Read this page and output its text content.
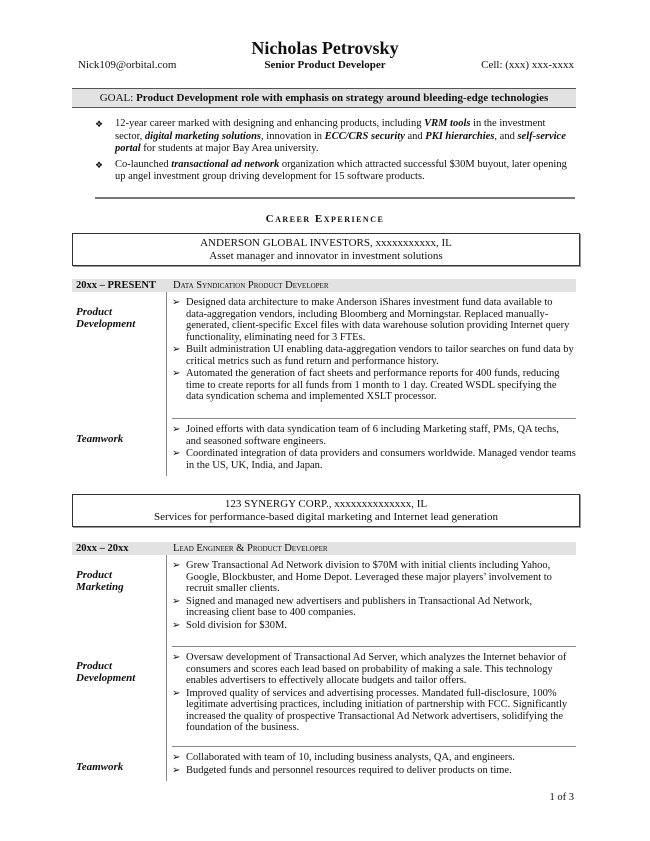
Nicholas Petrovsky
Nick109@orbital.com	Senior Product Developer	Cell: (xxx) xxx-xxxx
GOAL: Product Development role with emphasis on strategy around bleeding-edge technologies
❖ 12-year career marked with designing and enhancing products, including VRM tools in the investment sector, digital marketing solutions, innovation in ECC/CRS security and PKI hierarchies, and self-service portal for students at major Bay Area university.
❖ Co-launched transactional ad network organization which attracted successful $30M buyout, later opening up angel investment group driving development for 15 software products.
Career Experience
ANDERSON GLOBAL INVESTORS, xxxxxxxxxxx, IL
Asset manager and innovator in investment solutions
20xx – PRESENT Data Syndication Product Developer
Product Development
➢ Designed data architecture to make Anderson iShares investment fund data available to data-aggregation vendors, including Bloomberg and Morningstar. Replaced manually-generated, client-specific Excel files with data warehouse solution providing Internet query functionality, eliminating need for 3 FTEs.
➢ Built administration UI enabling data-aggregation vendors to tailor searches on fund data by critical metrics such as fund return and performance history.
➢ Automated the generation of fact sheets and performance reports for 400 funds, reducing time to create reports for all funds from 1 month to 1 day. Created WSDL specifying the data syndication schema and implemented XSLT processor.
Teamwork
➢ Joined efforts with data syndication team of 6 including Marketing staff, PMs, QA techs, and seasoned software engineers.
➢ Coordinated integration of data providers and consumers worldwide. Managed vendor teams in the US, UK, India, and Japan.
123 SYNERGY CORP., xxxxxxxxxxxxxx, IL
Services for performance-based digital marketing and Internet lead generation
20xx – 20xx	Lead Engineer & Product Developer
Product Marketing
➢ Grew Transactional Ad Network division to $70M with initial clients including Yahoo, Google, Blockbuster, and Home Depot. Leveraged these major players’ involvement to recruit smaller clients.
➢ Signed and managed new advertisers and publishers in Transactional Ad Network, increasing client base to 400 companies.
➢ Sold division for $30M.
Product Development
➢ Oversaw development of Transactional Ad Server, which analyzes the Internet behavior of consumers and scores each lead based on probability of making a sale. This technology enables advertisers to effectively allocate budgets and tailor offers.
➢ Improved quality of services and advertising processes. Mandated full-disclosure, 100% legitimate advertising practices, including initiation of partnership with FCC. Significantly increased the quality of prospective Transactional Ad Network advertisers, solidifying the foundation of the business.
Teamwork
➢ Collaborated with team of 10, including business analysts, QA, and engineers.
➢ Budgeted funds and personnel resources required to deliver products on time.
1 of 3
